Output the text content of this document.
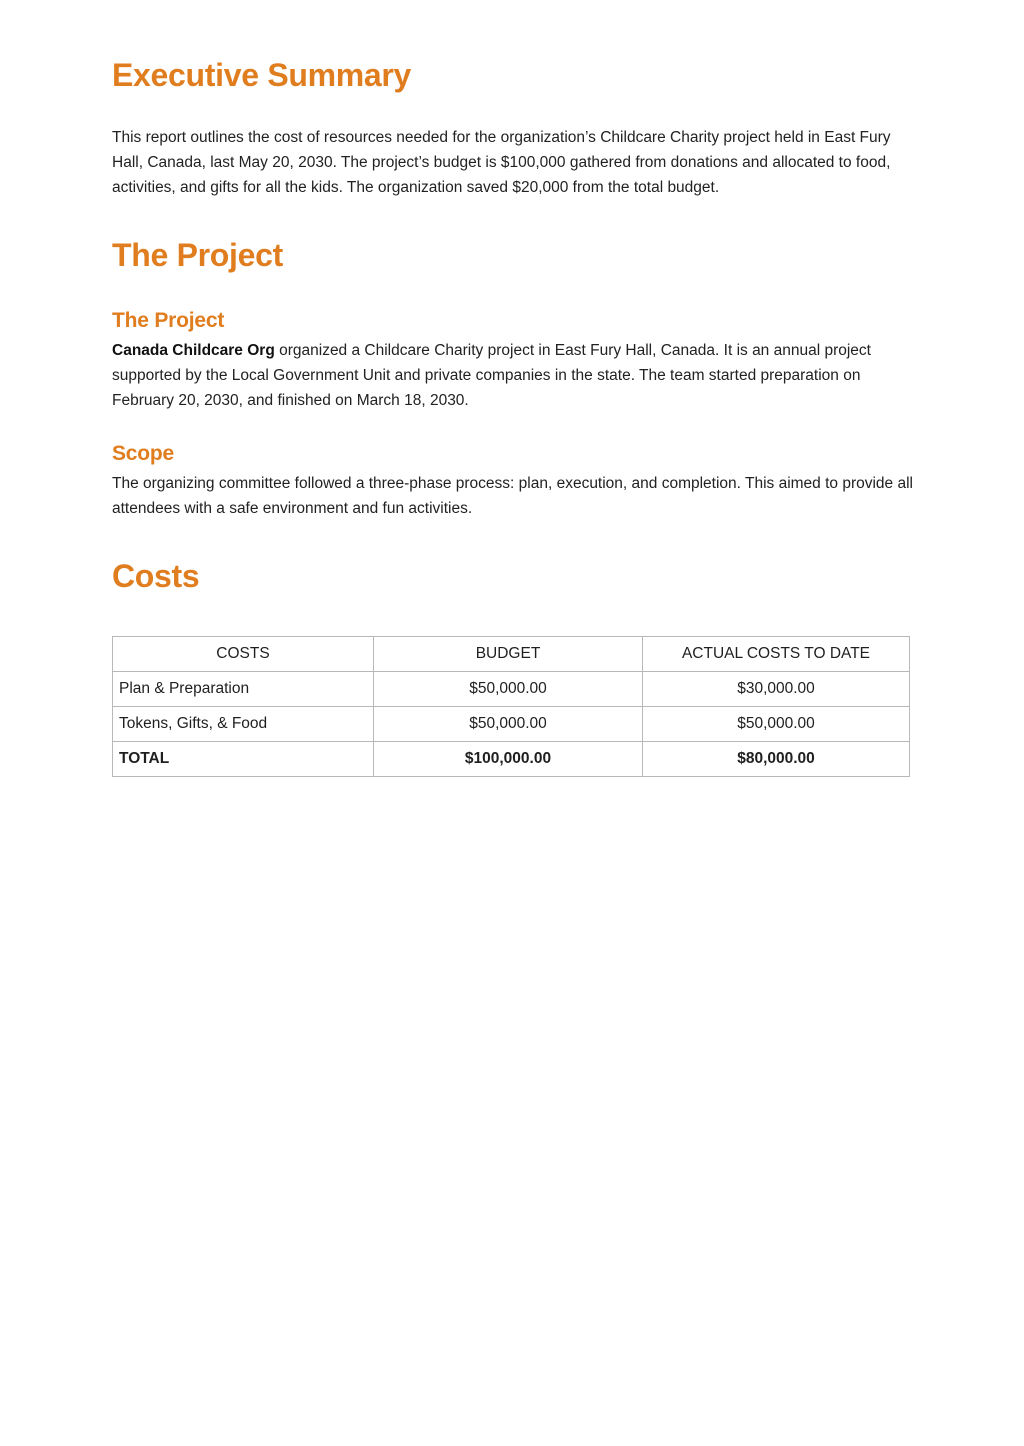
Executive Summary

This report outlines the cost of resources needed for the organization’s Childcare Charity project held in East Fury Hall, Canada, last May 20, 2030. The project’s budget is $100,000 gathered from donations and allocated to food, activities, and gifts for all the kids. The organization saved $20,000 from the total budget.

The Project
The Project

Canada Childcare Org organized a Childcare Charity project in East Fury Hall, Canada. It is an annual project supported by the Local Government Unit and private companies in the state. The team started preparation on February 20, 2030, and finished on March 18, 2030.

Scope

The organizing committee followed a three-phase process: plan, execution, and completion. This aimed to provide all attendees with a safe environment and fun activities.

Costs
COSTS	BUDGET	ACTUAL COSTS TO DATE
Plan & Preparation	$50,000.00	$30,000.00
Tokens, Gifts, & Food	$50,000.00	$50,000.00
TOTAL	$100,000.00	$80,000.00
